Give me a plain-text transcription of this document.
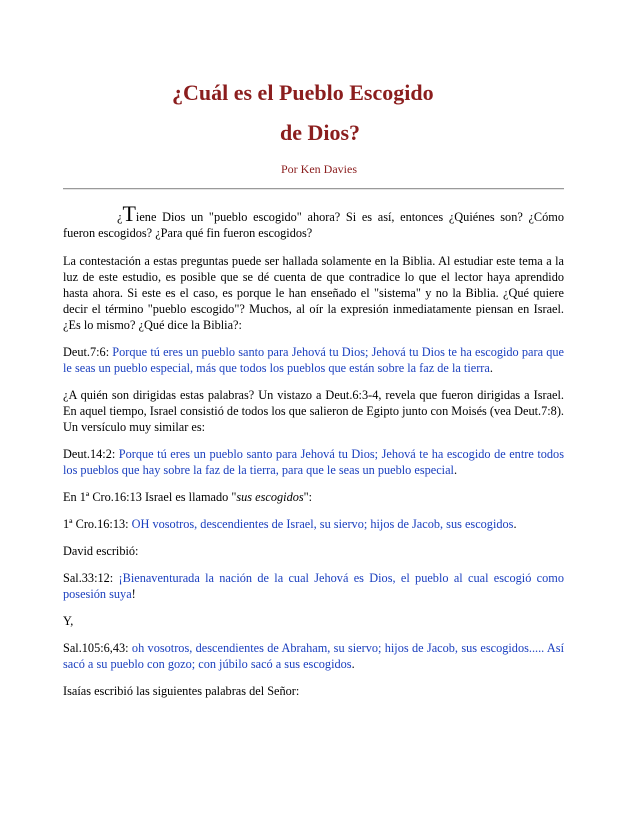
¿Cuál es el Pueblo Escogido
de Dios?

Por Ken Davies

¿Tiene Dios un "pueblo escogido" ahora? Si es así, entonces ¿Quiénes son? ¿Cómo fueron escogidos? ¿Para qué fin fueron escogidos?

La contestación a estas preguntas puede ser hallada solamente en la Biblia. Al estudiar este tema a la luz de este estudio, es posible que se dé cuenta de que contradice lo que el lector haya aprendido hasta ahora. Si este es el caso, es porque le han enseñado el "sistema" y no la Biblia. ¿Qué quiere decir el término "pueblo escogido"? Muchos, al oír la expresión inmediatamente piensan en Israel. ¿Es lo mismo? ¿Qué dice la Biblia?:

Deut.7:6: Porque tú eres un pueblo santo para Jehová tu Dios; Jehová tu Dios te ha escogido para que le seas un pueblo especial, más que todos los pueblos que están sobre la faz de la tierra.

¿A quién son dirigidas estas palabras? Un vistazo a Deut.6:3-4, revela que fueron dirigidas a Israel. En aquel tiempo, Israel consistió de todos los que salieron de Egipto junto con Moisés (vea Deut.7:8). Un versículo muy similar es:

Deut.14:2: Porque tú eres un pueblo santo para Jehová tu Dios; Jehová te ha escogido de entre todos los pueblos que hay sobre la faz de la tierra, para que le seas un pueblo especial.

En 1ª Cro.16:13 Israel es llamado "sus escogidos":

1ª Cro.16:13: OH vosotros, descendientes de Israel, su siervo; hijos de Jacob, sus escogidos.

David escribió:

Sal.33:12: ¡Bienaventurada la nación de la cual Jehová es Dios, el pueblo al cual escogió como posesión suya!

Y,

Sal.105:6,43: oh vosotros, descendientes de Abraham, su siervo; hijos de Jacob, sus escogidos..... Así sacó a su pueblo con gozo; con júbilo sacó a sus escogidos.

Isaías escribió las siguientes palabras del Señor:
